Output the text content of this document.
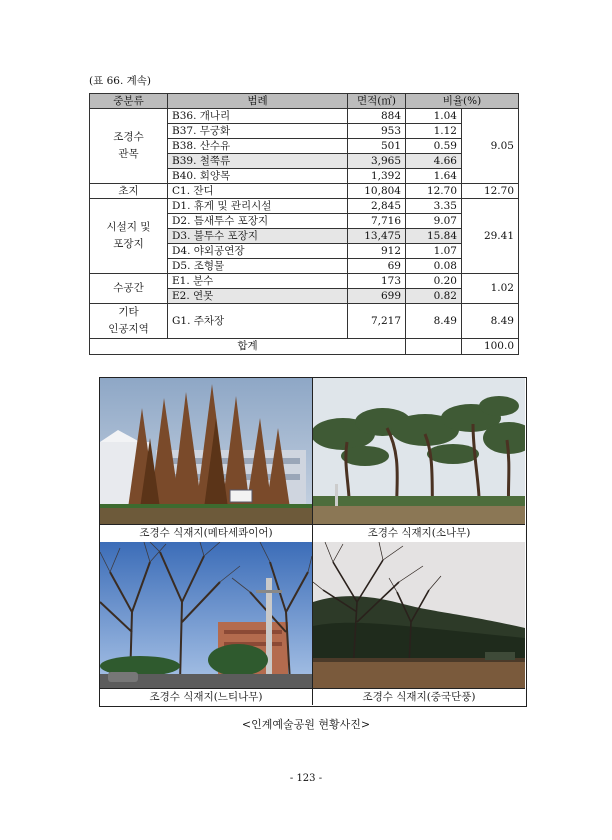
(표 66. 계속)
중분류	범례	면적(㎡)	비율(%)	

조경수
관목	B36. 개나리	884	1.04	9.05
	B37. 무궁화	953	1.12	
	B38. 산수유	501	0.59	
	B39. 철쭉류	3,965	4.66	
	B40. 회양목	1,392	1.64	
초지	C1. 잔디	10,804	12.70	12.70

시설지 및
포장지	D1. 휴게 및 관리시설	2,845	3.35	29.41
	D2. 틈새투수 포장지	7,716	9.07	
	D3. 불투수 포장지	13,475	15.84	
	D4. 야외공연장	912	1.07	
	D5. 조형물	69	0.08	
수공간	E1. 분수	173	0.20	1.02
	E2. 연못	699	0.82	

기타
인공지역	G1. 주차장	7,217	8.49	8.49
합계				100.0
조경수 식재지(메타세콰이어)	조경수 식재지(소나무)
조경수 식재지(느티나무)	조경수 식재지(중국단풍)
<인계예술공원 현황사진>
- 123 -
